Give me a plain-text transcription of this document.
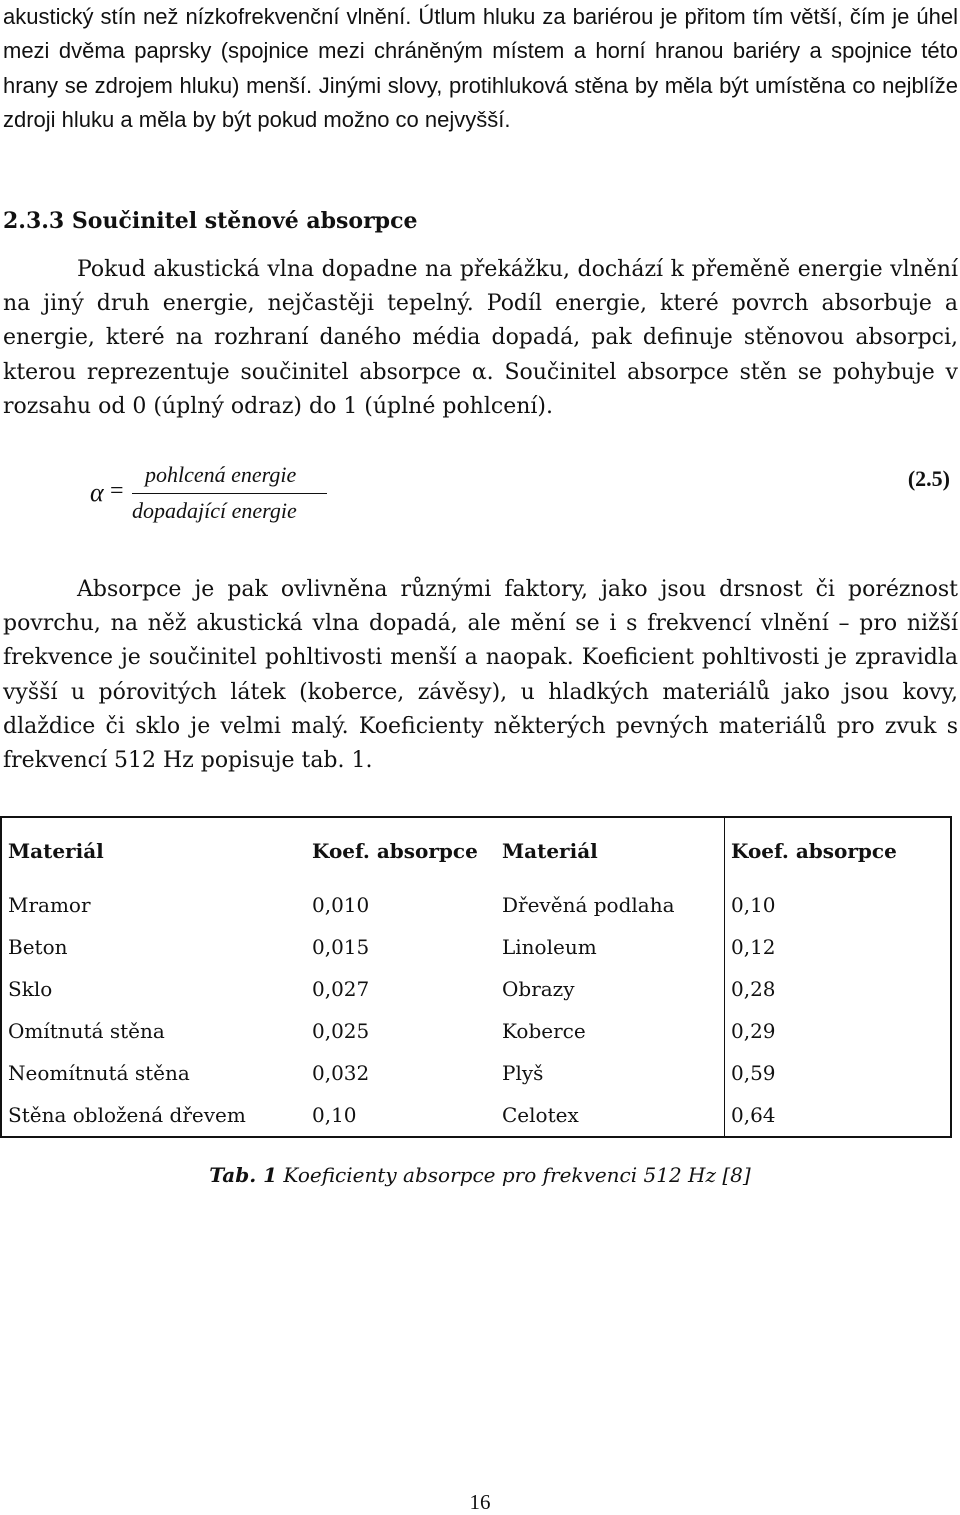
akustický stín než nízkofrekvenční vlnění. Útlum hluku za bariérou je přitom tím větší, čím je úhel mezi dvěma paprsky (spojnice mezi chráněným místem a horní hranou bariéry a spojnice této hrany se zdrojem hluku) menší. Jinými slovy, protihluková stěna by měla být umístěna co nejblíže zdroji hluku a měla by být pokud možno co nejvyšší.
2.3.3 Součinitel stěnové absorpce
Pokud akustická vlna dopadne na překážku, dochází k přeměně energie vlnění na jiný druh energie, nejčastěji tepelný. Podíl energie, které povrch absorbuje a energie, které na rozhraní daného média dopadá, pak definuje stěnovou absorpci, kterou reprezentuje součinitel absorpce α. Součinitel absorpce stěn se pohybuje v rozsahu od 0 (úplný odraz) do 1 (úplné pohlcení).
α =
pohlcená energie
dopadající energie
(2.5)
Absorpce je pak ovlivněna různými faktory, jako jsou drsnost či poréznost povrchu, na něž akustická vlna dopadá, ale mění se i s frekvencí vlnění – pro nižší frekvence je součinitel pohltivosti menší a naopak. Koeficient pohltivosti je zpravidla vyšší u pórovitých látek (koberce, závěsy), u hladkých materiálů jako jsou kovy, dlaždice či sklo je velmi malý. Koeficienty některých pevných materiálů pro zvuk s frekvencí 512 Hz popisuje tab. 1.
Materiál	Koef. absorpce	Materiál	Koef. absorpce
Mramor	0,010	Dřevěná podlaha	0,10
Beton	0,015	Linoleum	0,12
Sklo	0,027	Obrazy	0,28
Omítnutá stěna	0,025	Koberce	0,29
Neomítnutá stěna	0,032	Plyš	0,59
Stěna obložená dřevem	0,10	Celotex	0,64
Tab. 1 Koeficienty absorpce pro frekvenci 512 Hz [8]
16
